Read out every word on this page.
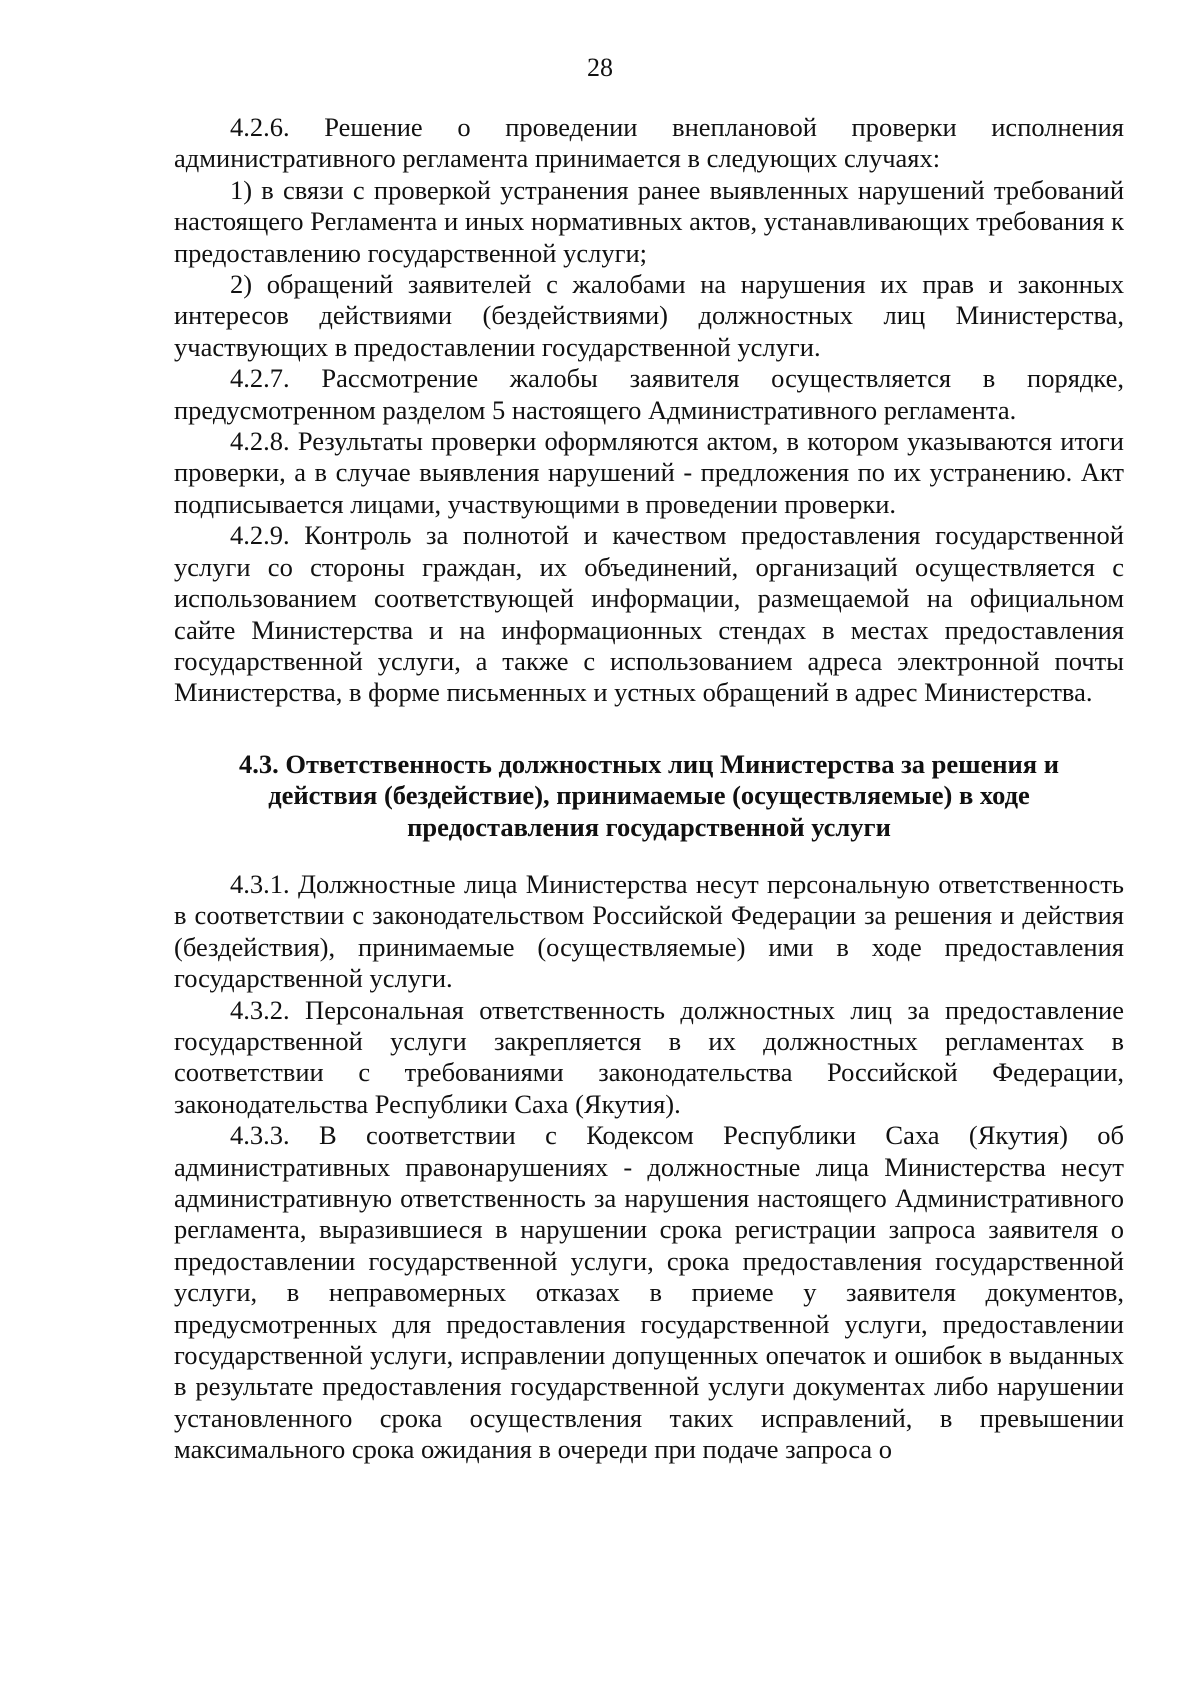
28

4.2.6. Решение о проведении внеплановой проверки исполнения административного регламента принимается в следующих случаях:

1) в связи с проверкой устранения ранее выявленных нарушений требований настоящего Регламента и иных нормативных актов, устанавливающих требования к предоставлению государственной услуги;

2) обращений заявителей с жалобами на нарушения их прав и законных интересов действиями (бездействиями) должностных лиц Министерства, участвующих в предоставлении государственной услуги.

4.2.7. Рассмотрение жалобы заявителя осуществляется в порядке, предусмотренном разделом 5 настоящего Административного регламента.

4.2.8. Результаты проверки оформляются актом, в котором указываются итоги проверки, а в случае выявления нарушений - предложения по их устранению. Акт подписывается лицами, участвующими в проведении проверки.

4.2.9. Контроль за полнотой и качеством предоставления государственной услуги со стороны граждан, их объединений, организаций осуществляется с использованием соответствующей информации, размещаемой на официальном сайте Министерства и на информационных стендах в местах предоставления государственной услуги, а также с использованием адреса электронной почты Министерства, в форме письменных и устных обращений в адрес Министерства.

4.3. Ответственность должностных лиц Министерства за решения и действия (бездействие), принимаемые (осуществляемые) в ходе предоставления государственной услуги

4.3.1. Должностные лица Министерства несут персональную ответственность в соответствии с законодательством Российской Федерации за решения и действия (бездействия), принимаемые (осуществляемые) ими в ходе предоставления государственной услуги.

4.3.2. Персональная ответственность должностных лиц за предоставление государственной услуги закрепляется в их должностных регламентах в соответствии с требованиями законодательства Российской Федерации, законодательства Республики Саха (Якутия).

4.3.3. В соответствии с Кодексом Республики Саха (Якутия) об административных правонарушениях - должностные лица Министерства несут административную ответственность за нарушения настоящего Административного регламента, выразившиеся в нарушении срока регистрации запроса заявителя о предоставлении государственной услуги, срока предоставления государственной услуги, в неправомерных отказах в приеме у заявителя документов, предусмотренных для предоставления государственной услуги, предоставлении государственной услуги, исправлении допущенных опечаток и ошибок в выданных в результате предоставления государственной услуги документах либо нарушении установленного срока осуществления таких исправлений, в превышении максимального срока ожидания в очереди при подаче запроса о
